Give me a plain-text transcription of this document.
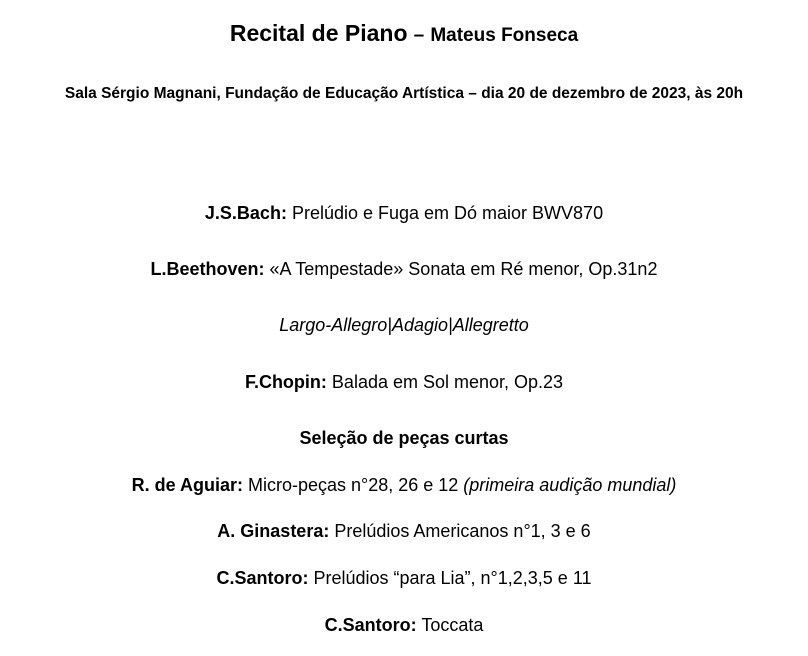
Recital de Piano – Mateus Fonseca
Sala Sérgio Magnani, Fundação de Educação Artística – dia 20 de dezembro de 2023, às 20h
J.S.Bach: Prelúdio e Fuga em Dó maior BWV870
L.Beethoven: «A Tempestade» Sonata em Ré menor, Op.31n2
Largo-Allegro|Adagio|Allegretto
F.Chopin: Balada em Sol menor, Op.23
Seleção de peças curtas
R. de Aguiar: Micro-peças n°28, 26 e 12 (primeira audição mundial)
A. Ginastera: Prelúdios Americanos n°1, 3 e 6
C.Santoro: Prelúdios “para Lia”, n°1,2,3,5 e 11
C.Santoro: Toccata
